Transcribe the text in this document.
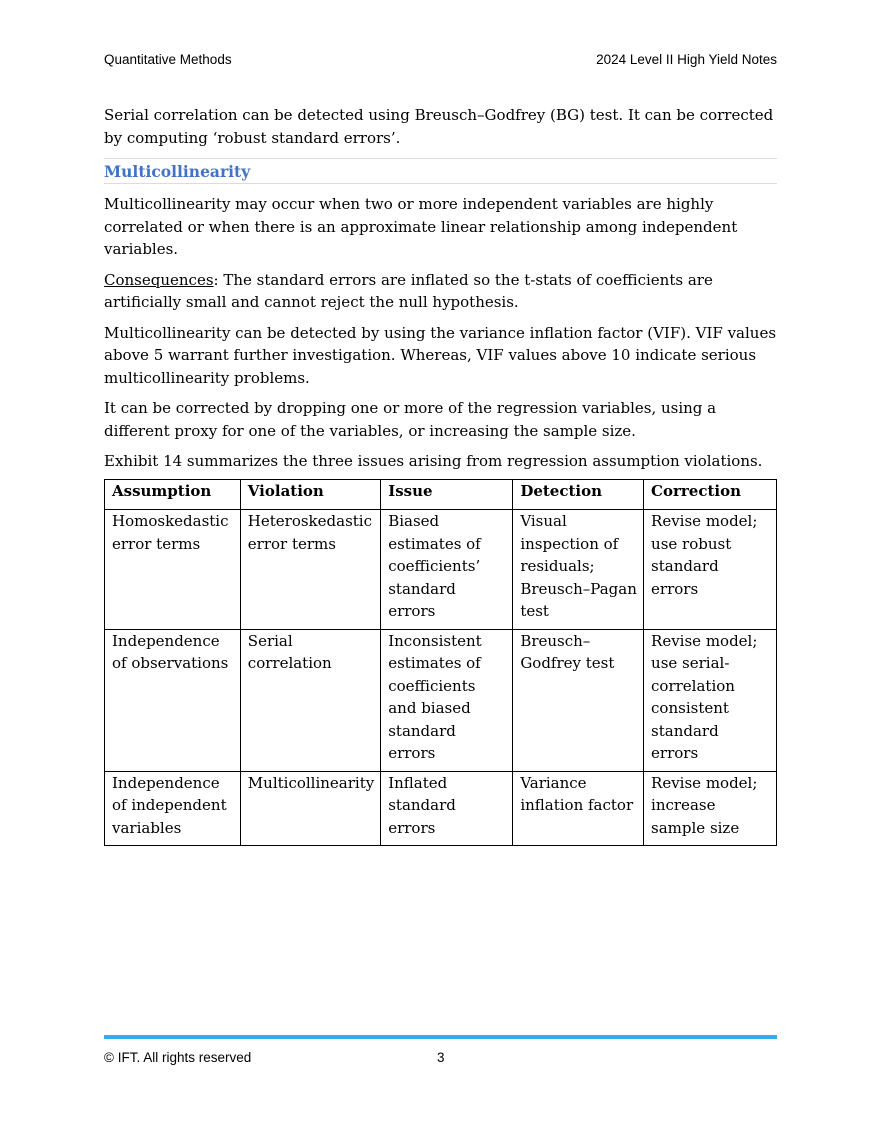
Quantitative Methods	2024 Level II High Yield Notes

Serial correlation can be detected using Breusch–Godfrey (BG) test. It can be corrected by computing ‘robust standard errors’.

Multicollinearity

Multicollinearity may occur when two or more independent variables are highly correlated or when there is an approximate linear relationship among independent variables.

Consequences: The standard errors are inflated so the t-stats of coefficients are artificially small and cannot reject the null hypothesis.

Multicollinearity can be detected by using the variance inflation factor (VIF). VIF values above 5 warrant further investigation. Whereas, VIF values above 10 indicate serious multicollinearity problems.

It can be corrected by dropping one or more of the regression variables, using a different proxy for one of the variables, or increasing the sample size.

Exhibit 14 summarizes the three issues arising from regression assumption violations.

Assumption	Violation	Issue	Detection	Correction
Homoskedastic error terms	Heteroskedastic error terms	Biased estimates of coefficients’ standard errors	Visual inspection of residuals; Breusch–Pagan test	Revise model; use robust standard errors
Independence of observations	Serial correlation	Inconsistent estimates of coefficients and biased standard errors	Breusch–Godfrey test	Revise model; use serial-correlation consistent standard errors
Independence of independent variables	Multicollinearity	Inflated standard errors	Variance inflation factor	Revise model; increase sample size
© IFT. All rights reserved	3
